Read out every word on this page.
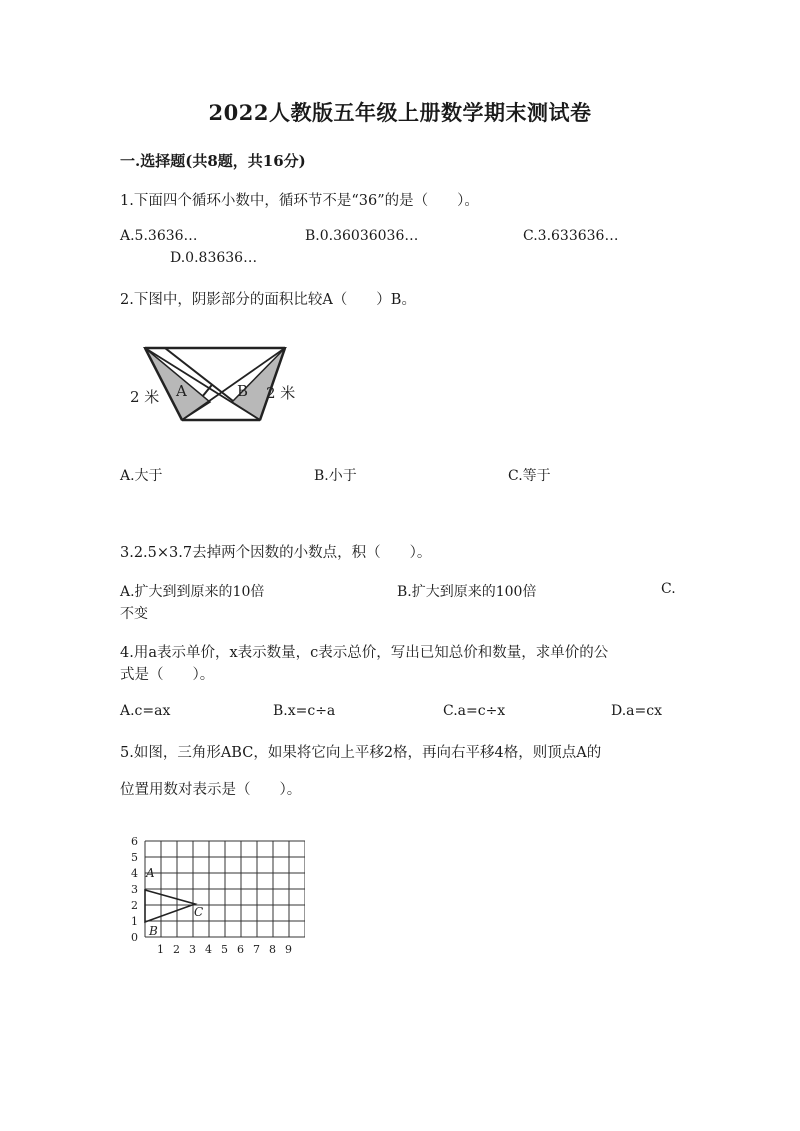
2022人教版五年级上册数学期末测试卷
一.选择题(共8题，共16分)
1.下面四个循环小数中，循环节不是“36”的是（　　）。
A.5.3636…	B.0.36036036…	C.3.633636…
D.0.83636…
2.下图中，阴影部分的面积比较A（　　）B。
A	B
2 米	2 米
A.大于	B.小于	C.等于
3.2.5×3.7去掉两个因数的小数点，积（　　）。
A.扩大到到原来的10倍	B.扩大到原来的100倍	C.
不变
4.用a表示单价，x表示数量，c表示总价，写出已知总价和数量，求单价的公
式是（　　）。
A.c=ax	B.x=c÷a	C.a=c÷x	D.a=cx
5.如图，三角形ABC，如果将它向上平移2格，再向右平移4格，则顶点A的
位置用数对表示是（　　）。
0
1
2
3
4
5
6
1 2 3 4 5 6 7 8 9
A
B
C
